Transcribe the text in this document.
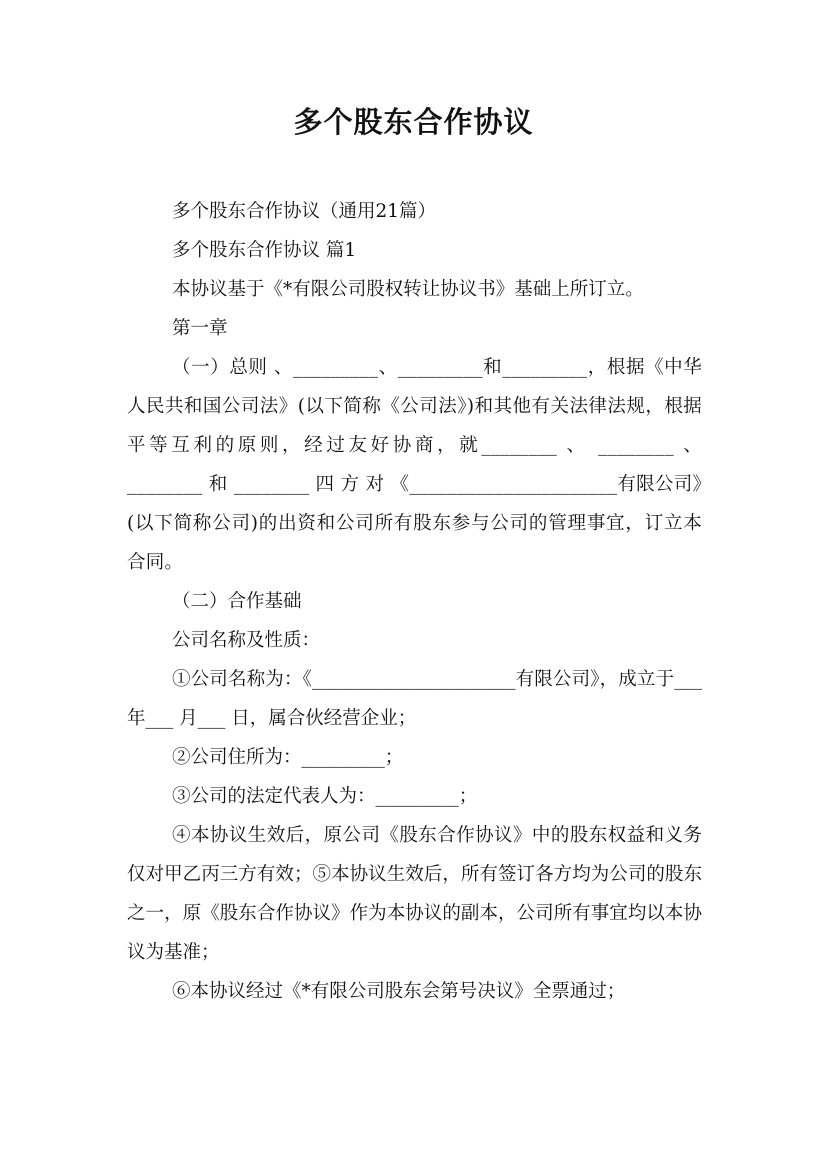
多个股东合作协议

多个股东合作协议（通用21篇）

多个股东合作协议 篇1

本协议基于《*有限公司股权转让协议书》基础上所订立。

第一章

（一）总则 、_________、_________和_________，根据《中华人民共和国公司法》(以下简称《公司法》)和其他有关法律法规，根据平等互利的原则，经过友好协商，就________ 、 ________ 、 ________ 和 ________ 四 方 对 《______________________有限公司》(以下简称公司)的出资和公司所有股东参与公司的管理事宜，订立本合同。

（二）合作基础

公司名称及性质：

①公司名称为：《______________________有限公司》，成立于___ 年___ 月___ 日，属合伙经营企业；

②公司住所为：_________；

③公司的法定代表人为：_________；

④本协议生效后，原公司《股东合作协议》中的股东权益和义务仅对甲乙丙三方有效；⑤本协议生效后，所有签订各方均为公司的股东之一，原《股东合作协议》作为本协议的副本，公司所有事宜均以本协议为基准；

⑥本协议经过《*有限公司股东会第号决议》全票通过；
